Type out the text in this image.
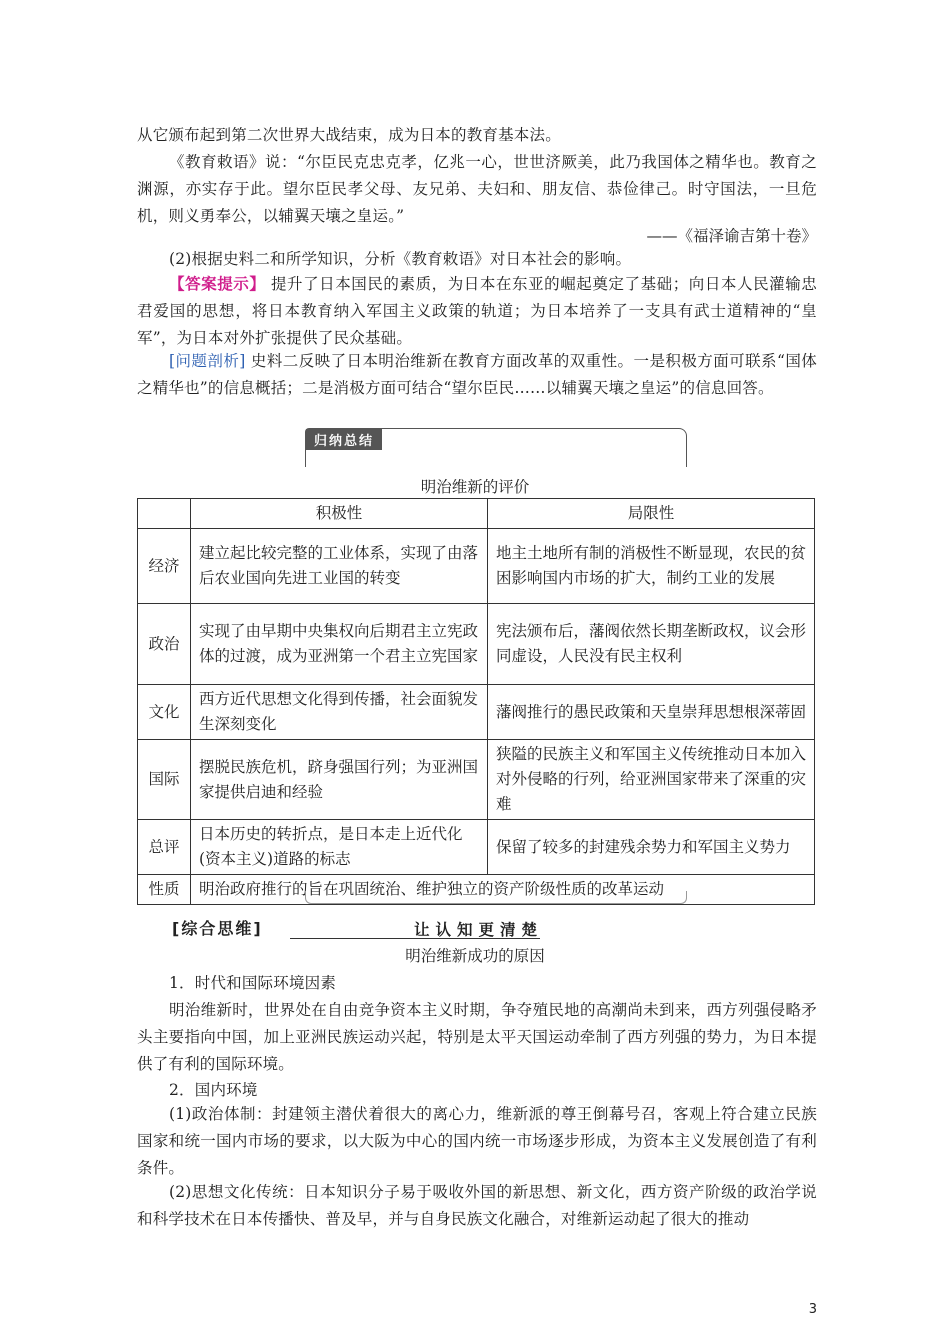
从它颁布起到第二次世界大战结束，成为日本的教育基本法。

《教育敕语》说：“尔臣民克忠克孝，亿兆一心，世世济厥美，此乃我国体之精华也。教育之渊源，亦实存于此。望尔臣民孝父母、友兄弟、夫妇和、朋友信、恭俭律己。时守国法，一旦危机，则义勇奉公，以辅翼天壤之皇运。”

——《福泽谕吉第十卷》

(2)根据史料二和所学知识，分析《教育敕语》对日本社会的影响。

【答案提示】 提升了日本国民的素质，为日本在东亚的崛起奠定了基础；向日本人民灌输忠君爱国的思想，将日本教育纳入军国主义政策的轨道；为日本培养了一支具有武士道精神的“皇军”，为日本对外扩张提供了民众基础。

[问题剖析] 史料二反映了日本明治维新在教育方面改革的双重性。一是积极方面可联系“国体之精华也”的信息概括；二是消极方面可结合“望尔臣民……以辅翼天壤之皇运”的信息回答。

归纳总结
明治维新的评价
	积极性	局限性
经济	建立起比较完整的工业体系，实现了由落后农业国向先进工业国的转变	地主土地所有制的消极性不断显现，农民的贫困影响国内市场的扩大，制约工业的发展
政治	实现了由早期中央集权向后期君主立宪政体的过渡，成为亚洲第一个君主立宪国家	宪法颁布后，藩阀依然长期垄断政权，议会形同虚设，人民没有民主权利
文化	西方近代思想文化得到传播，社会面貌发生深刻变化	藩阀推行的愚民政策和天皇崇拜思想根深蒂固
国际	摆脱民族危机，跻身强国行列；为亚洲国家提供启迪和经验	狭隘的民族主义和军国主义传统推动日本加入对外侵略的行列，给亚洲国家带来了深重的灾难
总评	日本历史的转折点，是日本走上近代化(资本主义)道路的标志	保留了较多的封建残余势力和军国主义势力
性质	明治政府推行的旨在巩固统治、维护独立的资产阶级性质的改革运动	
[综合思维]	让认知更清楚
明治维新成功的原因

1．时代和国际环境因素

明治维新时，世界处在自由竞争资本主义时期，争夺殖民地的高潮尚未到来，西方列强侵略矛头主要指向中国，加上亚洲民族运动兴起，特别是太平天国运动牵制了西方列强的势力，为日本提供了有利的国际环境。

2．国内环境

(1)政治体制：封建领主潜伏着很大的离心力，维新派的尊王倒幕号召，客观上符合建立民族国家和统一国内市场的要求，以大阪为中心的国内统一市场逐步形成，为资本主义发展创造了有利条件。

(2)思想文化传统：日本知识分子易于吸收外国的新思想、新文化，西方资产阶级的政治学说和科学技术在日本传播快、普及早，并与自身民族文化融合，对维新运动起了很大的推动

3
